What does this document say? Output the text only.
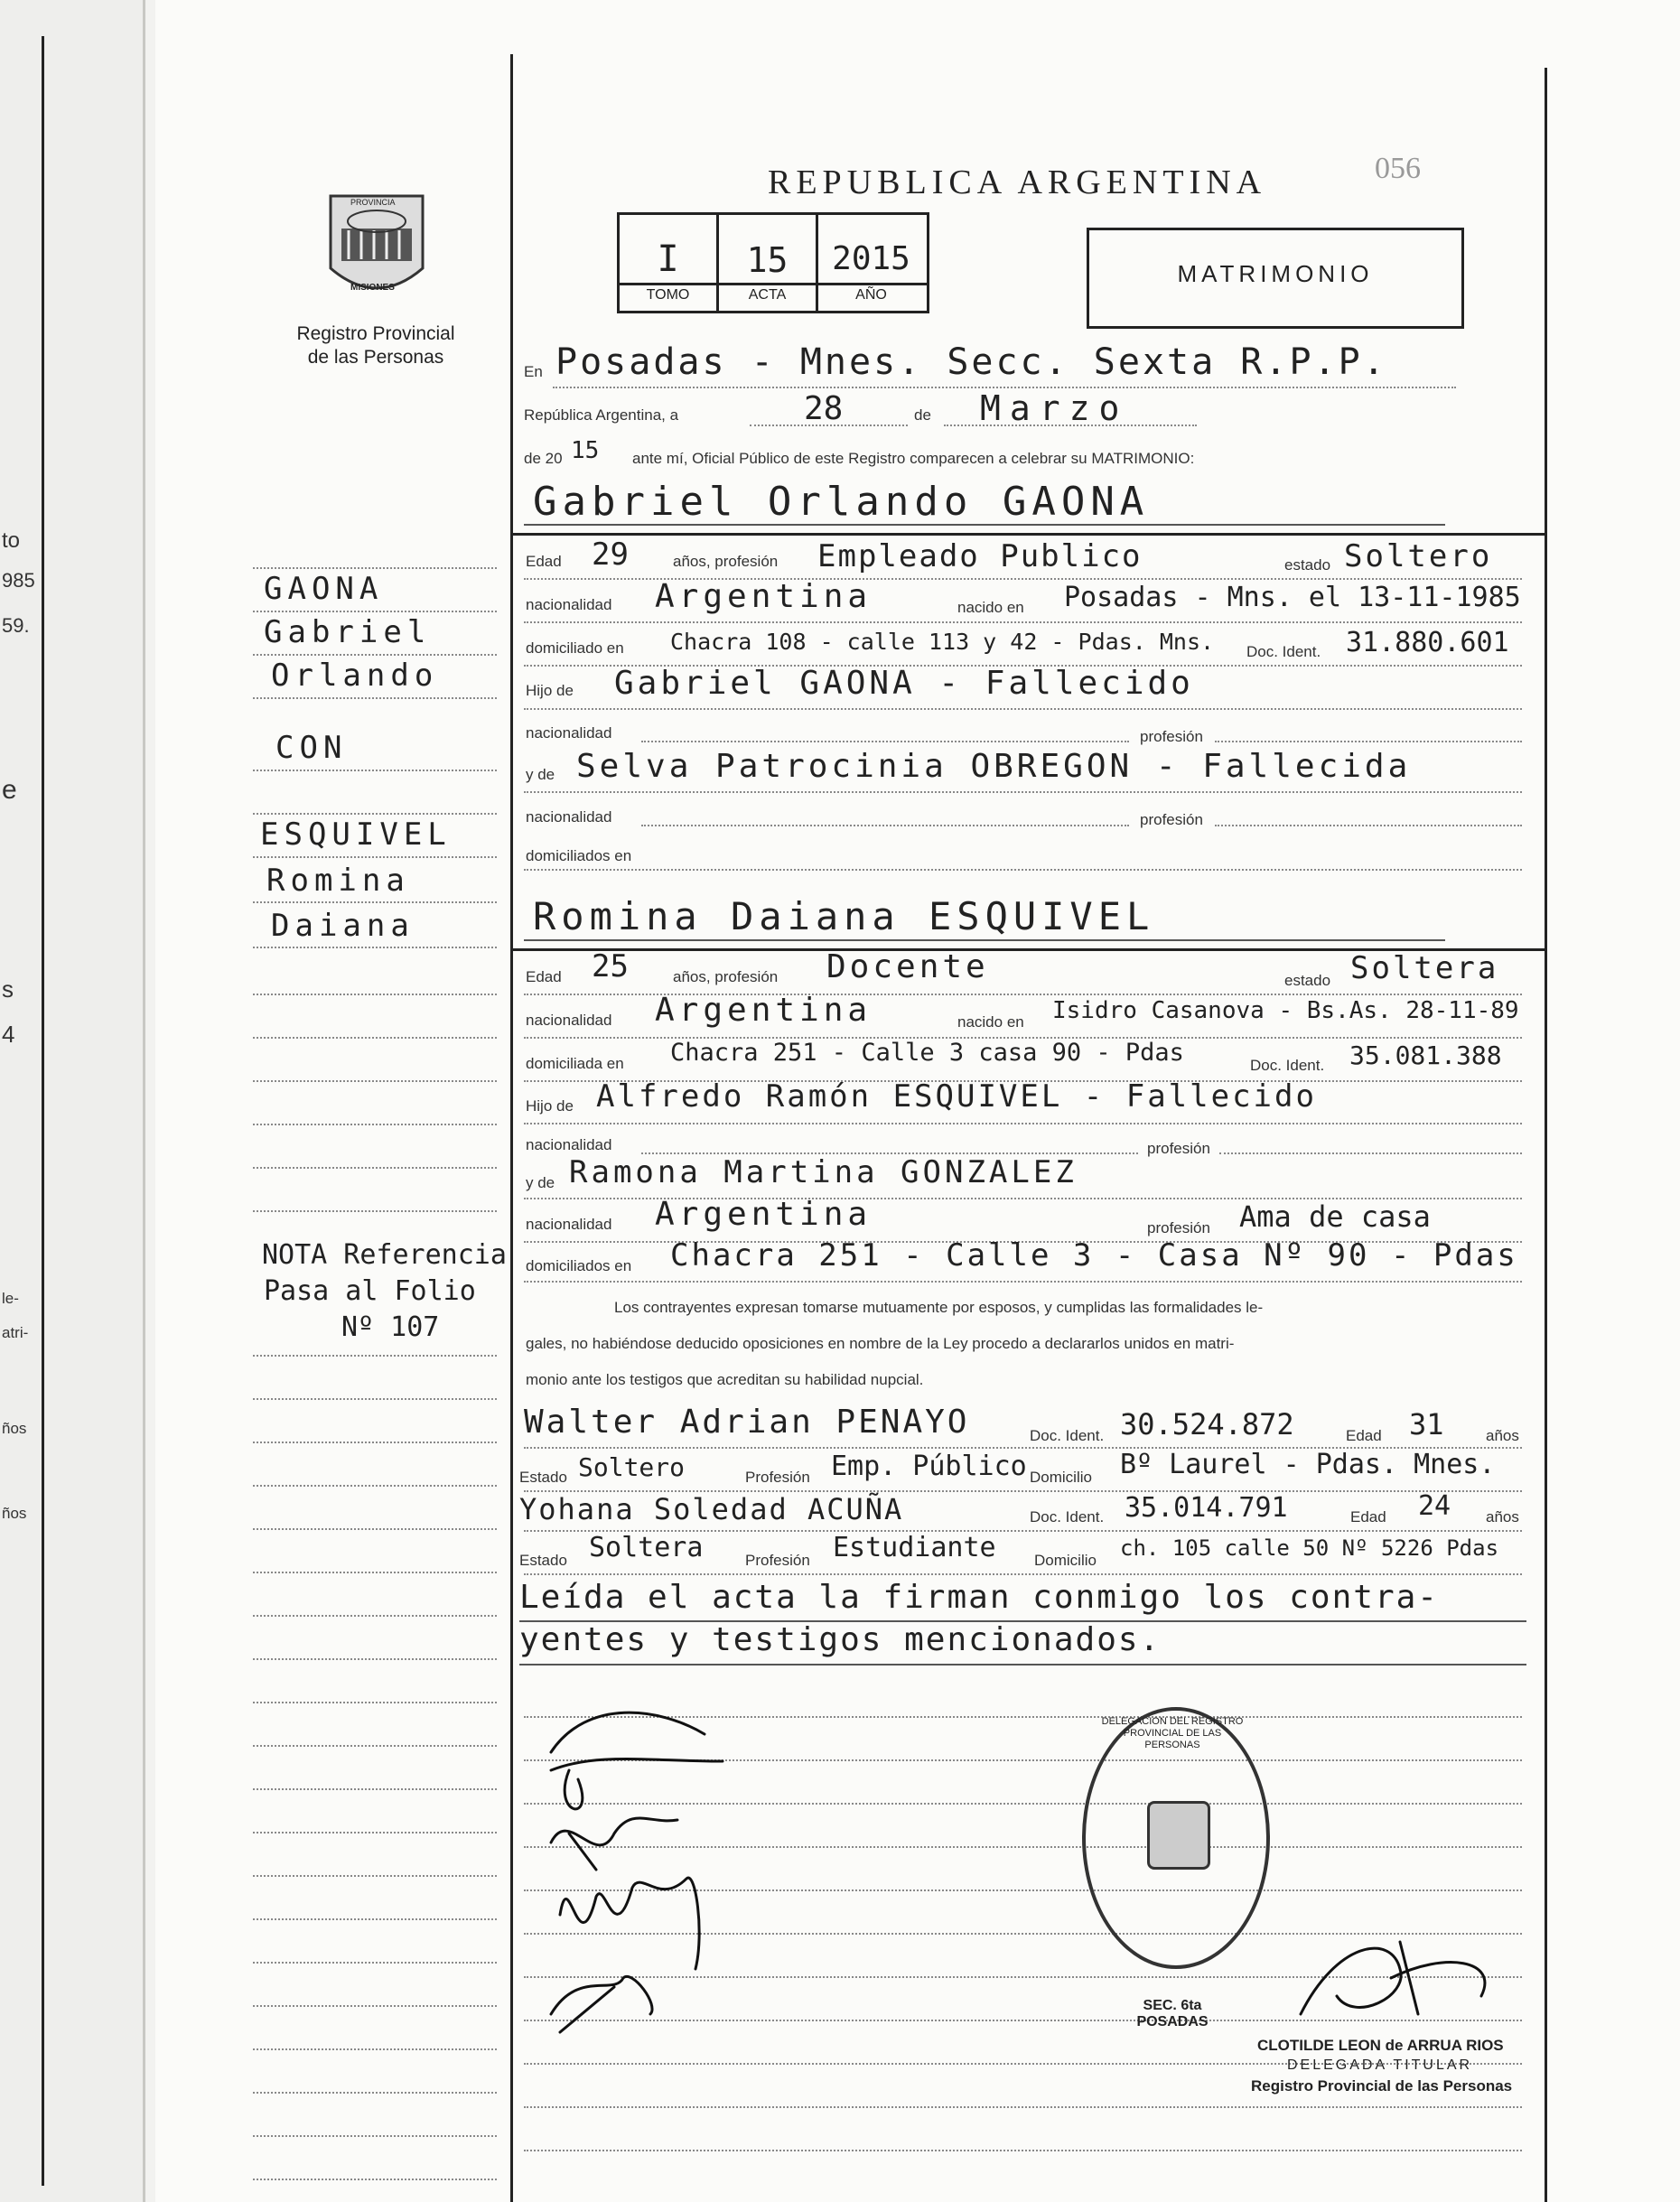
to
985
59.
e
s
4
le-
atri-
ños
ños
REPUBLICA ARGENTINA	056
PROVINCIA
MISIONES
Registro Provincial
de las Personas
I	15	2015
TOMO	ACTA	AÑO
MATRIMONIO
En Posadas - Mnes. Secc. Sexta R.P.P.
República Argentina, a	28	de Marzo
de 20 15 ante mí, Oficial Público de este Registro comparecen a celebrar su MATRIMONIO:
Gabriel Orlando GAONA
Edad 29	años, profesión Empleado Publico	estado Soltero
nacionalidad Argentina	nacido en Posadas - Mns. el 13-11-1985
domiciliado en Chacra 108 - calle 113 y 42 - Pdas. Mns. Doc. Ident. 31.880.601
Hijo de Gabriel GAONA - Fallecido
nacionalidad	profesión
y de Selva Patrocinia OBREGON - Fallecida
nacionalidad	profesión
domiciliados en
Romina Daiana ESQUIVEL
Edad 25	años, profesión Docente	estado Soltera
nacionalidad Argentina	nacido en Isidro Casanova - Bs.As. 28-11-89
domiciliada en Chacra 251 - Calle 3 casa 90 - Pdas	Doc. Ident. 35.081.388
Hijo de Alfredo Ramón ESQUIVEL - Fallecido
nacionalidad	profesión
y de Ramona Martina GONZALEZ
nacionalidad Argentina	profesión Ama de casa
domiciliados en Chacra 251 - Calle 3 - Casa Nº 90 - Pdas
Los contrayentes expresan tomarse mutuamente por esposos, y cumplidas las formalidades le-
gales, no habiéndose deducido oposiciones en nombre de la Ley procedo a declararlos unidos en matri-
monio ante los testigos que acreditan su habilidad nupcial.
Walter Adrian PENAYO	Doc. Ident. 30.524.872	Edad 31	años
Estado Soltero	Profesión Emp. Público Domicilio Bº Laurel - Pdas. Mnes.
Yohana Soledad ACUÑA	Doc. Ident. 35.014.791	Edad 24 años
Estado Soltera	Profesión Estudiante Domicilio ch. 105 calle 50 Nº 5226 Pdas
Leída el acta la firman conmigo los contra-
yentes y testigos mencionados.
DELEGACION DEL REGISTRO PROVINCIAL DE LAS PERSONAS
SEC. 6ta POSADAS
CLOTILDE LEON de ARRUA RIOS
DELEGADA TITULAR
Registro Provincial de las Personas
GAONA
Gabriel
Orlando
CON
ESQUIVEL
Romina
Daiana
NOTA Referencia
Pasa al Folio
Nº 107
